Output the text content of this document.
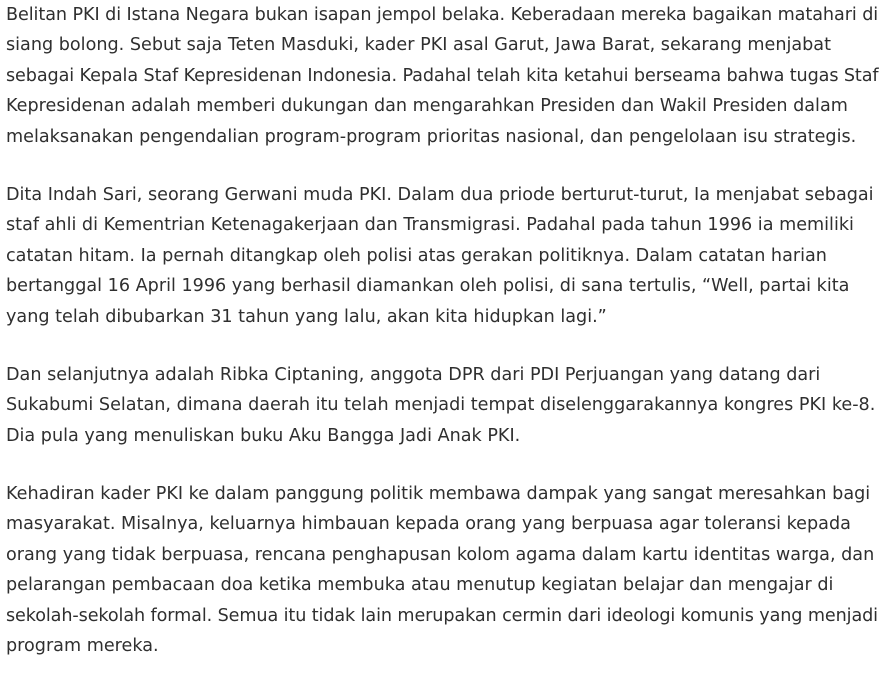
Belitan PKI di Istana Negara bukan isapan jempol belaka. Keberadaan mereka bagaikan matahari di
siang bolong. Sebut saja Teten Masduki, kader PKI asal Garut, Jawa Barat, sekarang menjabat
sebagai Kepala Staf Kepresidenan Indonesia. Padahal telah kita ketahui berseama bahwa tugas Staf
Kepresidenan adalah memberi dukungan dan mengarahkan Presiden dan Wakil Presiden dalam
melaksanakan pengendalian program-program prioritas nasional, dan pengelolaan isu strategis.

Dita Indah Sari, seorang Gerwani muda PKI. Dalam dua priode berturut-turut, Ia menjabat sebagai
staf ahli di Kementrian Ketenagakerjaan dan Transmigrasi. Padahal pada tahun 1996 ia memiliki
catatan hitam. Ia pernah ditangkap oleh polisi atas gerakan politiknya. Dalam catatan harian
bertanggal 16 April 1996 yang berhasil diamankan oleh polisi, di sana tertulis, “Well, partai kita
yang telah dibubarkan 31 tahun yang lalu, akan kita hidupkan lagi.”

Dan selanjutnya adalah Ribka Ciptaning, anggota DPR dari PDI Perjuangan yang datang dari
Sukabumi Selatan, dimana daerah itu telah menjadi tempat diselenggarakannya kongres PKI ke-8.
Dia pula yang menuliskan buku Aku Bangga Jadi Anak PKI.

Kehadiran kader PKI ke dalam panggung politik membawa dampak yang sangat meresahkan bagi
masyarakat. Misalnya, keluarnya himbauan kepada orang yang berpuasa agar toleransi kepada
orang yang tidak berpuasa, rencana penghapusan kolom agama dalam kartu identitas warga, dan
pelarangan pembacaan doa ketika membuka atau menutup kegiatan belajar dan mengajar di
sekolah-sekolah formal. Semua itu tidak lain merupakan cermin dari ideologi komunis yang menjadi
program mereka.
